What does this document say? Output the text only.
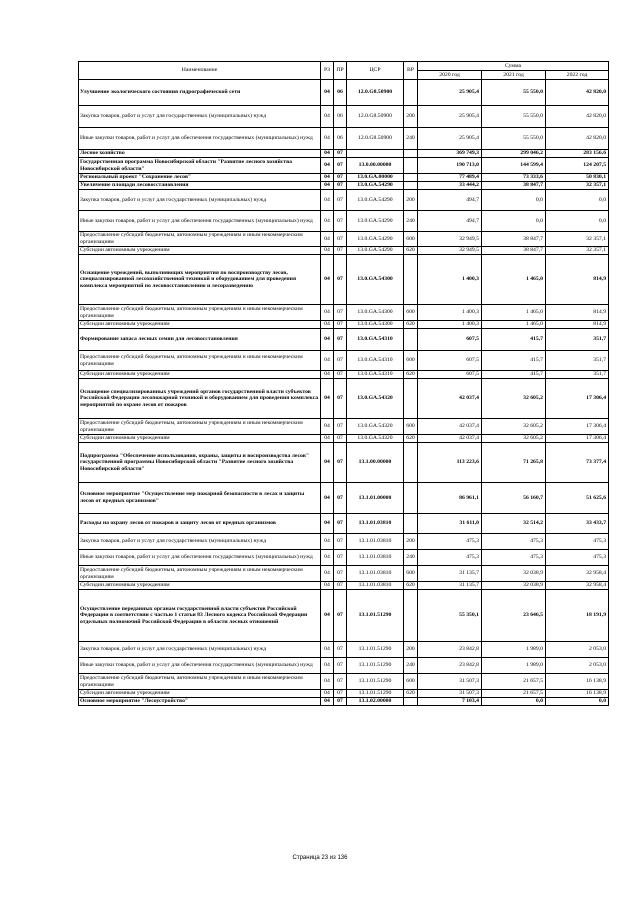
Наименование	РЗ	ПР	ЦСР	ВР	Сумма		
					2020 год	2021 год	2022 год
Улучшение экологического состояния гидрографической сети	04	06	12.0.G8.50900		25 905,4	55 550,0	42 820,0
Закупка товаров, работ и услуг для государственных (муниципальных) нужд	04	06	12.0.G8.50900	200	25 905,4	55 550,0	42 820,0
Иные закупки товаров, работ и услуг для обеспечения государственных (муниципальных) нужд	04	06	12.0.G8.50900	240	25 905,4	55 550,0	42 820,0
Лесное хозяйство	04	07			369 749,3	299 046,2	283 156,6
Государственная программа Новосибирской области "Развитие лесного хозяйства Новосибирской области"	04	07	13.0.00.00000		190 713,0	144 599,4	124 207,5
Региональный проект "Сохранение лесов"	04	07	13.0.GA.00000		77 489,4	73 333,6	50 830,1
Увеличение площади лесовосстановления	04	07	13.0.GA.54290		33 444,2	38 847,7	32 357,1
Закупка товаров, работ и услуг для государственных (муниципальных) нужд	04	07	13.0.GA.54290	200	494,7	0,0	0,0
Иные закупки товаров, работ и услуг для обеспечения государственных (муниципальных) нужд	04	07	13.0.GA.54290	240	494,7	0,0	0,0
Предоставление субсидий бюджетным, автономным учреждениям и иным некоммерческим организациям	04	07	13.0.GA.54290	600	32 949,5	38 847,7	32 357,1
Субсидии автономным учреждениям	04	07	13.0.GA.54290	620	32 949,5	38 847,7	32 357,1
Оснащение учреждений, выполняющих мероприятия по воспроизводству лесов, специализированной лесохозяйственной техникой и оборудованием для проведения комплекса мероприятий по лесовосстановлению и лесоразведению	04	07	13.0.GA.54300		1 400,3	1 465,0	814,9
Предоставление субсидий бюджетным, автономным учреждениям и иным некоммерческим организациям	04	07	13.0.GA.54300	600	1 400,3	1 465,0	814,9
Субсидии автономным учреждениям	04	07	13.0.GA.54300	620	1 400,3	1 465,0	814,9
Формирование запаса лесных семян для лесовосстановления	04	07	13.0.GA.54310		607,5	415,7	351,7
Предоставление субсидий бюджетным, автономным учреждениям и иным некоммерческим организациям	04	07	13.0.GA.54310	600	607,5	415,7	351,7
Субсидии автономным учреждениям	04	07	13.0.GA.54310	620	607,5	415,7	351,7
Оснащение специализированных учреждений органов государственной власти субъектов Российской Федерации лесопожарной техникой и оборудованием для проведения комплекса мероприятий по охране лесов от пожаров	04	07	13.0.GA.54320		42 037,4	32 605,2	17 306,4
Предоставление субсидий бюджетным, автономным учреждениям и иным некоммерческим организациям	04	07	13.0.GA.54320	600	42 037,4	32 605,2	17 306,4
Субсидии автономным учреждениям	04	07	13.0.GA.54320	620	42 037,4	32 605,2	17 306,4
Подпрограмма "Обеспечение использования, охраны, защиты и воспроизводства лесов" государственной программы Новосибирской области "Развитие лесного хозяйства Новосибирской области"	04	07	13.1.00.00000		113 223,6	71 265,8	73 377,4
Основное мероприятие "Осуществление мер пожарной безопасности в лесах и защиты лесов от вредных организмов"	04	07	13.1.01.00000		86 961,1	56 160,7	51 625,6
Расходы на охрану лесов от пожаров и защиту лесов от вредных организмов	04	07	13.1.01.03810		31 611,0	32 514,2	33 433,7
Закупка товаров, работ и услуг для государственных (муниципальных) нужд	04	07	13.1.01.03810	200	475,3	475,3	475,3
Иные закупки товаров, работ и услуг для обеспечения государственных (муниципальных) нужд	04	07	13.1.01.03810	240	475,3	475,3	475,3
Предоставление субсидий бюджетным, автономным учреждениям и иным некоммерческим организациям	04	07	13.1.01.03810	600	31 135,7	32 038,9	32 958,4
Субсидии автономным учреждениям	04	07	13.1.01.03810	620	31 135,7	32 038,9	32 958,4
Осуществление переданных органам государственной власти субъектов Российской Федерации в соответствии с частью 1 статьи 83 Лесного кодекса Российской Федерации отдельных полномочий Российской Федерации в области лесных отношений	04	07	13.1.01.51290		55 350,1	23 646,5	18 191,9
Закупка товаров, работ и услуг для государственных (муниципальных) нужд	04	07	13.1.01.51290	200	23 842,8	1 989,0	2 053,0
Иные закупки товаров, работ и услуг для обеспечения государственных (муниципальных) нужд	04	07	13.1.01.51290	240	23 842,8	1 989,0	2 053,0
Предоставление субсидий бюджетным, автономным учреждениям и иным некоммерческим организациям	04	07	13.1.01.51290	600	31 507,3	21 657,5	16 138,9
Субсидии автономным учреждениям	04	07	13.1.01.51290	620	31 507,3	21 657,5	16 138,9
Основное мероприятие "Лесоустройство"	04	07	13.1.02.00000		7 103,4	0,0	0,0
Страница 23 из 136
